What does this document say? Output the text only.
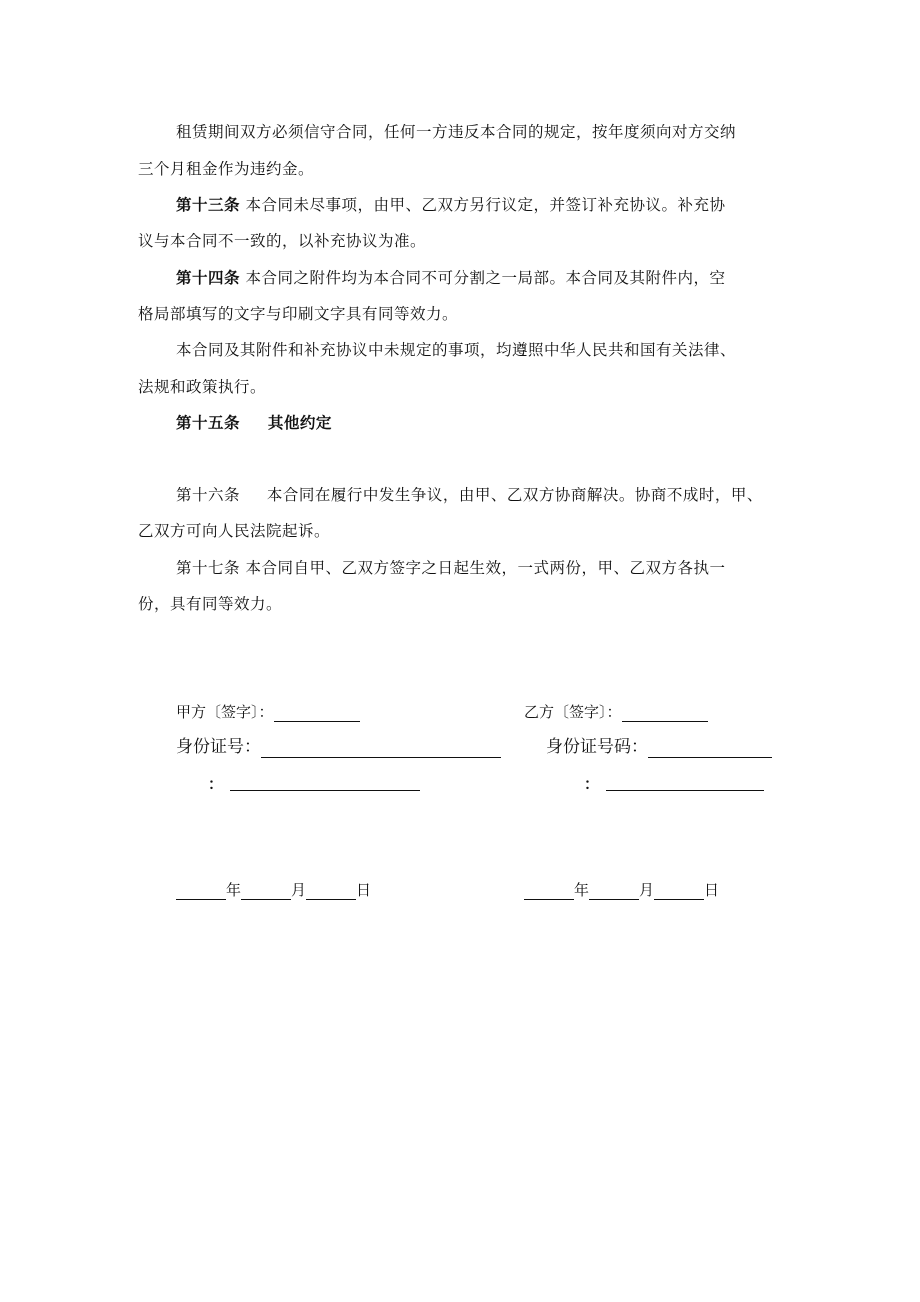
租赁期间双方必须信守合同，任何一方违反本合同的规定，按年度须向对方交纳
三个月租金作为违约金。
第十三条 本合同未尽事项，由甲、乙双方另行议定，并签订补充协议。补充协
议与本合同不一致的，以补充协议为准。
第十四条 本合同之附件均为本合同不可分割之一局部。本合同及其附件内，空
格局部填写的文字与印刷文字具有同等效力。
本合同及其附件和补充协议中未规定的事项，均遵照中华人民共和国有关法律、
法规和政策执行。
第十五条 其他约定
第十六条 本合同在履行中发生争议，由甲、乙双方协商解决。协商不成时，甲、
乙双方可向人民法院起诉。
第十七条 本合同自甲、乙双方签字之日起生效，一式两份，甲、乙双方各执一
份，具有同等效力。
甲方〔签字〕：	乙方〔签字〕：
身份证号：	身份证号码：
：	：
年	月	日	年	月	日
